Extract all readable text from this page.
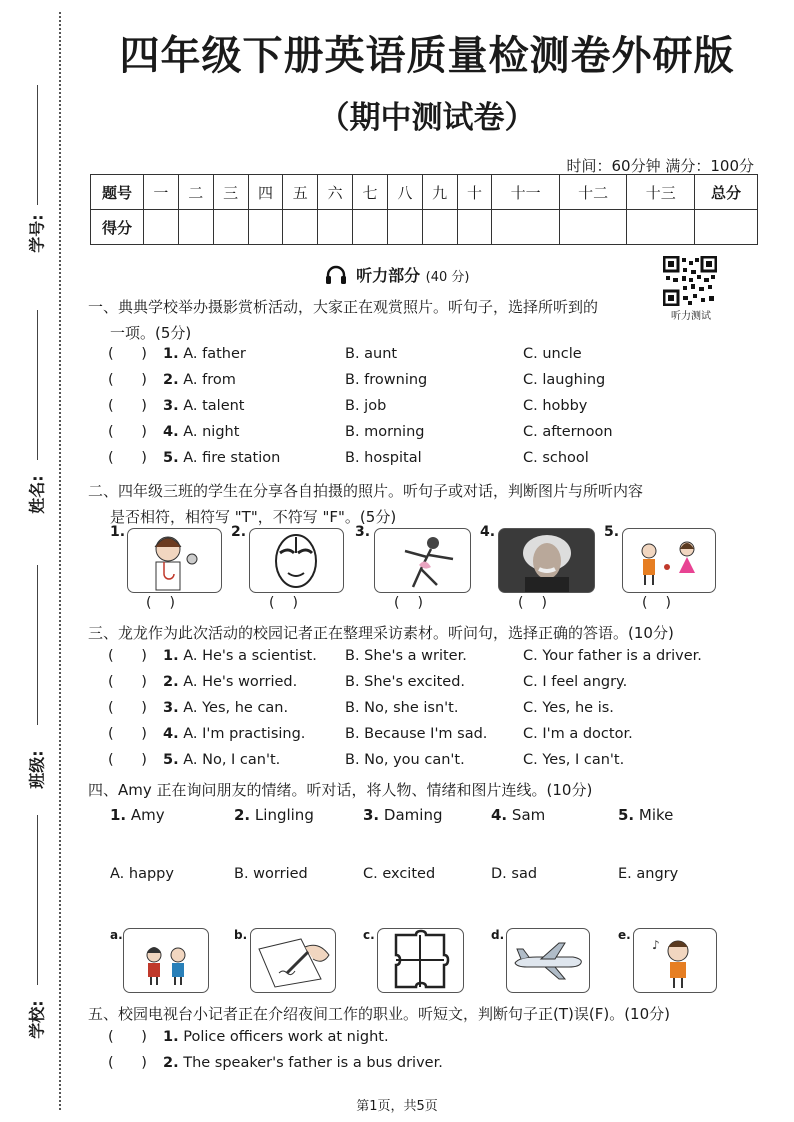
学号:
姓名:
班级:
学校:
四年级下册英语质量检测卷外研版
（期中测试卷）
时间：60分钟 满分：100分
题号	一	二	三	四	五	六	七	八	九	十	十一	十二	十三	总分
得分														
听力部分 (40 分)
听力测试
一、典典学校举办摄影赏析活动，大家正在观赏照片。听句子，选择所听到的
一项。(5分)
(      ) 1. A. father	B. aunt	C. uncle
(      ) 2. A. from	B. frowning	C. laughing
(      ) 3. A. talent	B. job	C. hobby
(      ) 4. A. night	B. morning	C. afternoon
(      ) 5. A. fire station	B. hospital	C. school
二、四年级三班的学生在分享各自拍摄的照片。听句子或对话，判断图片与所听内容
是否相符，相符写 "T"，不符写 "F"。(5分)
1.
()
2.
()
3.
()
4.
()
5.
()
三、龙龙作为此次活动的校园记者正在整理采访素材。听问句，选择正确的答语。(10分)
(      ) 1. A. He's a scientist. B. She's a writer.	C. Your father is a driver.
(      ) 2. A. He's worried.	B. She's excited.	C. I feel angry.
(      ) 3. A. Yes, he can.	B. No, she isn't.	C. Yes, he is.
(      ) 4. A. I'm practising.	B. Because I'm sad. C. I'm a doctor.
(      ) 5. A. No, I can't.	B. No, you can't.	C. Yes, I can't.
四、Amy 正在询问朋友的情绪。听对话，将人物、情绪和图片连线。(10分)
1. Amy	2. Lingling	3. Daming	4. Sam	5. Mike
A. happy	B. worried	C. excited	D. sad	E. angry
a.	b.	c.	d.	e.
♪
五、校园电视台小记者正在介绍夜间工作的职业。听短文，判断句子正(T)误(F)。(10分)
(      ) 1. Police officers work at night.
(      ) 2. The speaker's father is a bus driver.
第1页，共5页
